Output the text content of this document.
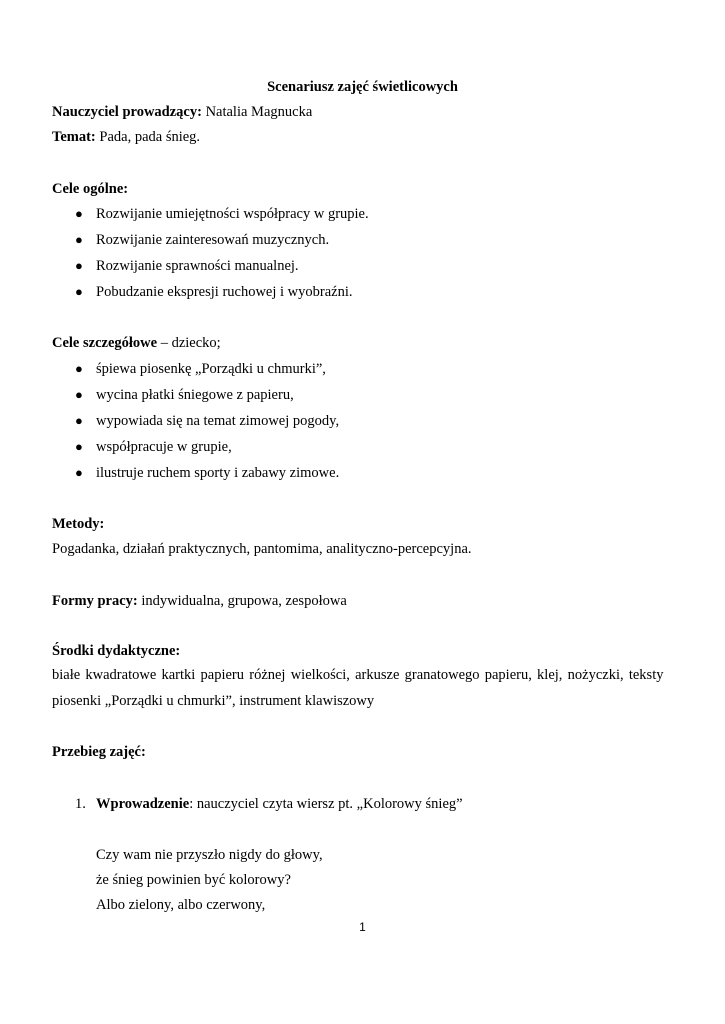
Scenariusz zajęć świetlicowych
Nauczyciel prowadzący: Natalia Magnucka
Temat: Pada, pada śnieg.
Cele ogólne:
● Rozwijanie umiejętności współpracy w grupie.
● Rozwijanie zainteresowań muzycznych.
● Rozwijanie sprawności manualnej.
● Pobudzanie ekspresji ruchowej i wyobraźni.
Cele szczegółowe – dziecko;
● śpiewa piosenkę „Porządki u chmurki”,
● wycina płatki śniegowe z papieru,
● wypowiada się na temat zimowej pogody,
● współpracuje w grupie,
● ilustruje ruchem sporty i zabawy zimowe.
Metody:
Pogadanka, działań praktycznych, pantomima, analityczno-percepcyjna.
Formy pracy: indywidualna, grupowa, zespołowa
Środki dydaktyczne:
białe kwadratowe kartki papieru różnej wielkości, arkusze granatowego papieru, klej, nożyczki, teksty
piosenki „Porządki u chmurki”, instrument klawiszowy
Przebieg zajęć:
1. Wprowadzenie: nauczyciel czyta wiersz pt. „Kolorowy śnieg”
Czy wam nie przyszło nigdy do głowy,
że śnieg powinien być kolorowy?
Albo zielony, albo czerwony,
1
